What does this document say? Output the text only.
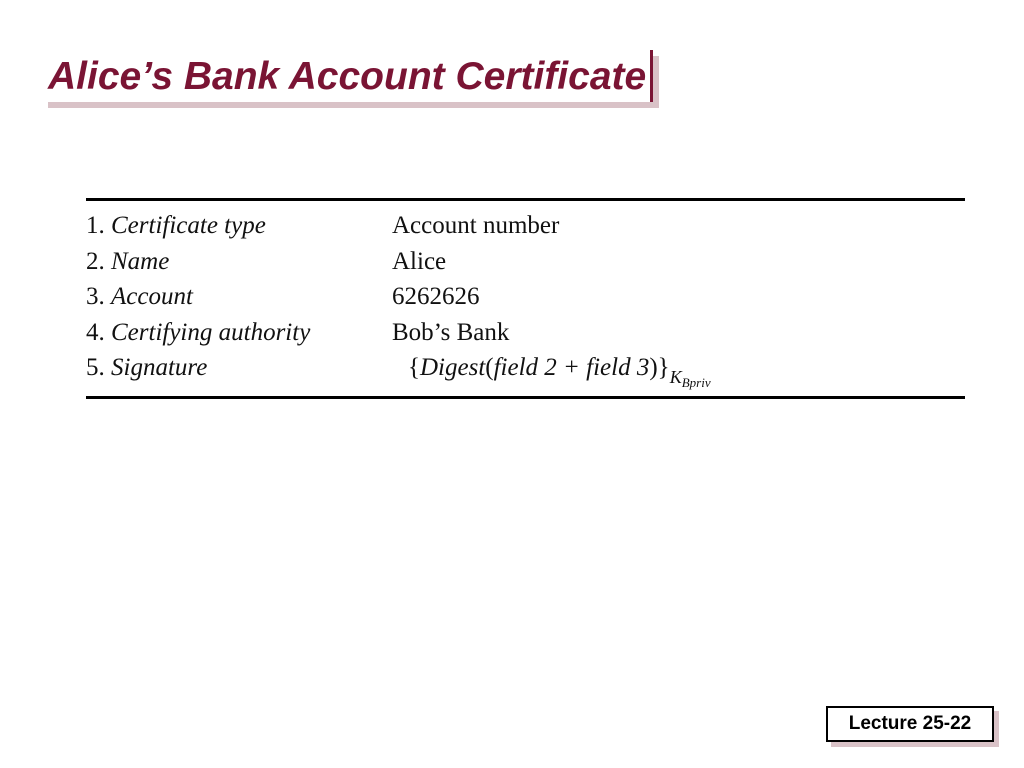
Alice’s Bank Account Certificate
1. Certificate type	Account number
2. Name	Alice
3. Account	6262626
4. Certifying authority	Bob’s Bank
5. Signature	{Digest(field 2 + field $3)\}_{KBpriv}$
Lecture 25-22
